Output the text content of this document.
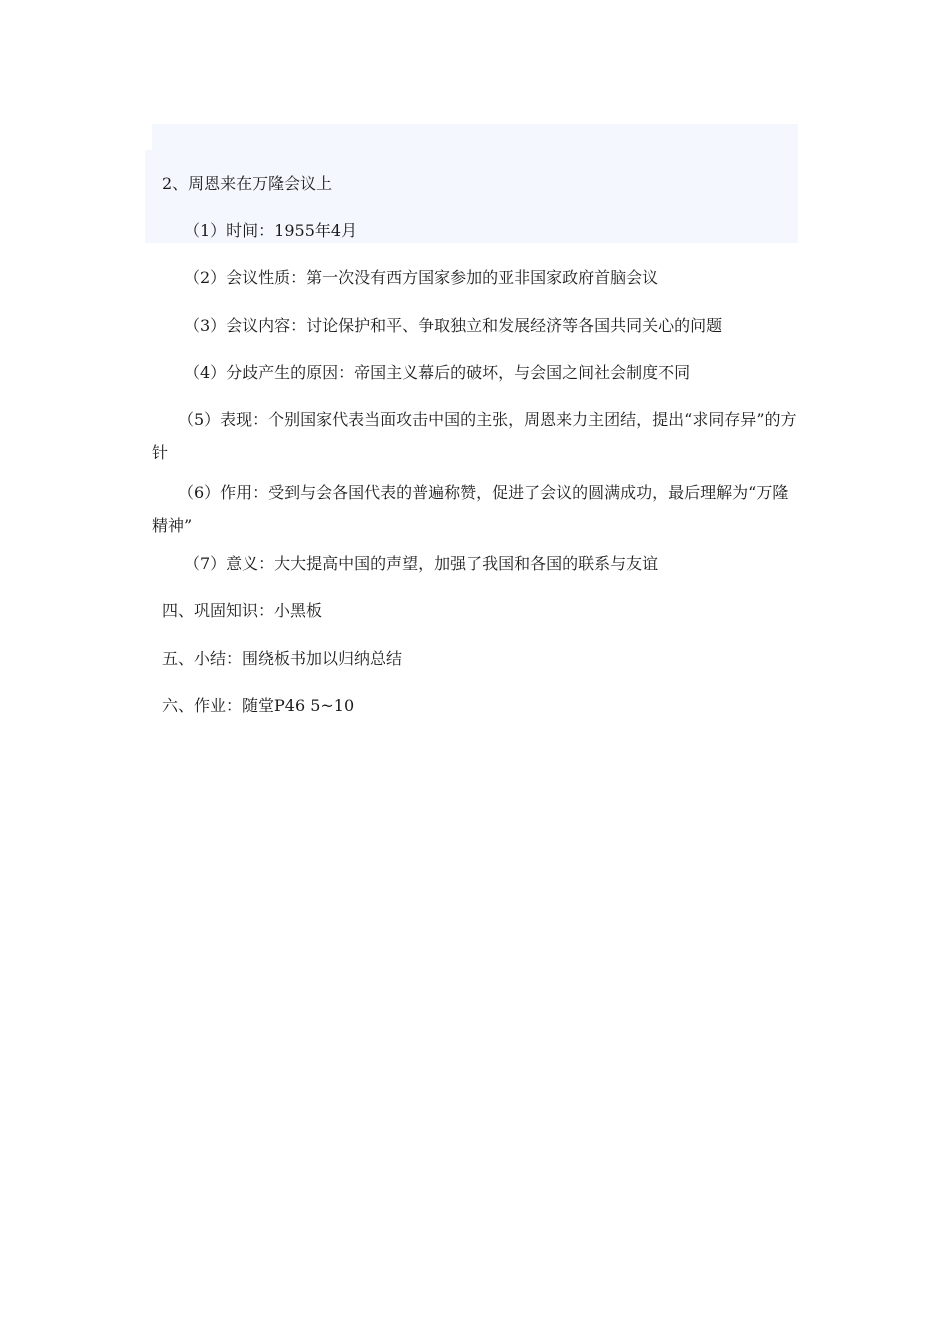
2、周恩来在万隆会议上
（1）时间：1955年4月
（2）会议性质：第一次没有西方国家参加的亚非国家政府首脑会议
（3）会议内容：讨论保护和平、争取独立和发展经济等各国共同关心的问题
（4）分歧产生的原因：帝国主义幕后的破坏，与会国之间社会制度不同
（5）表现：个别国家代表当面攻击中国的主张，周恩来力主团结，提出“求同存异”的方针
（6）作用：受到与会各国代表的普遍称赞，促进了会议的圆满成功，最后理解为“万隆精神”
（7）意义：大大提高中国的声望，加强了我国和各国的联系与友谊
四、巩固知识：小黑板
五、小结：围绕板书加以归纳总结
六、作业：随堂P46 5~10
